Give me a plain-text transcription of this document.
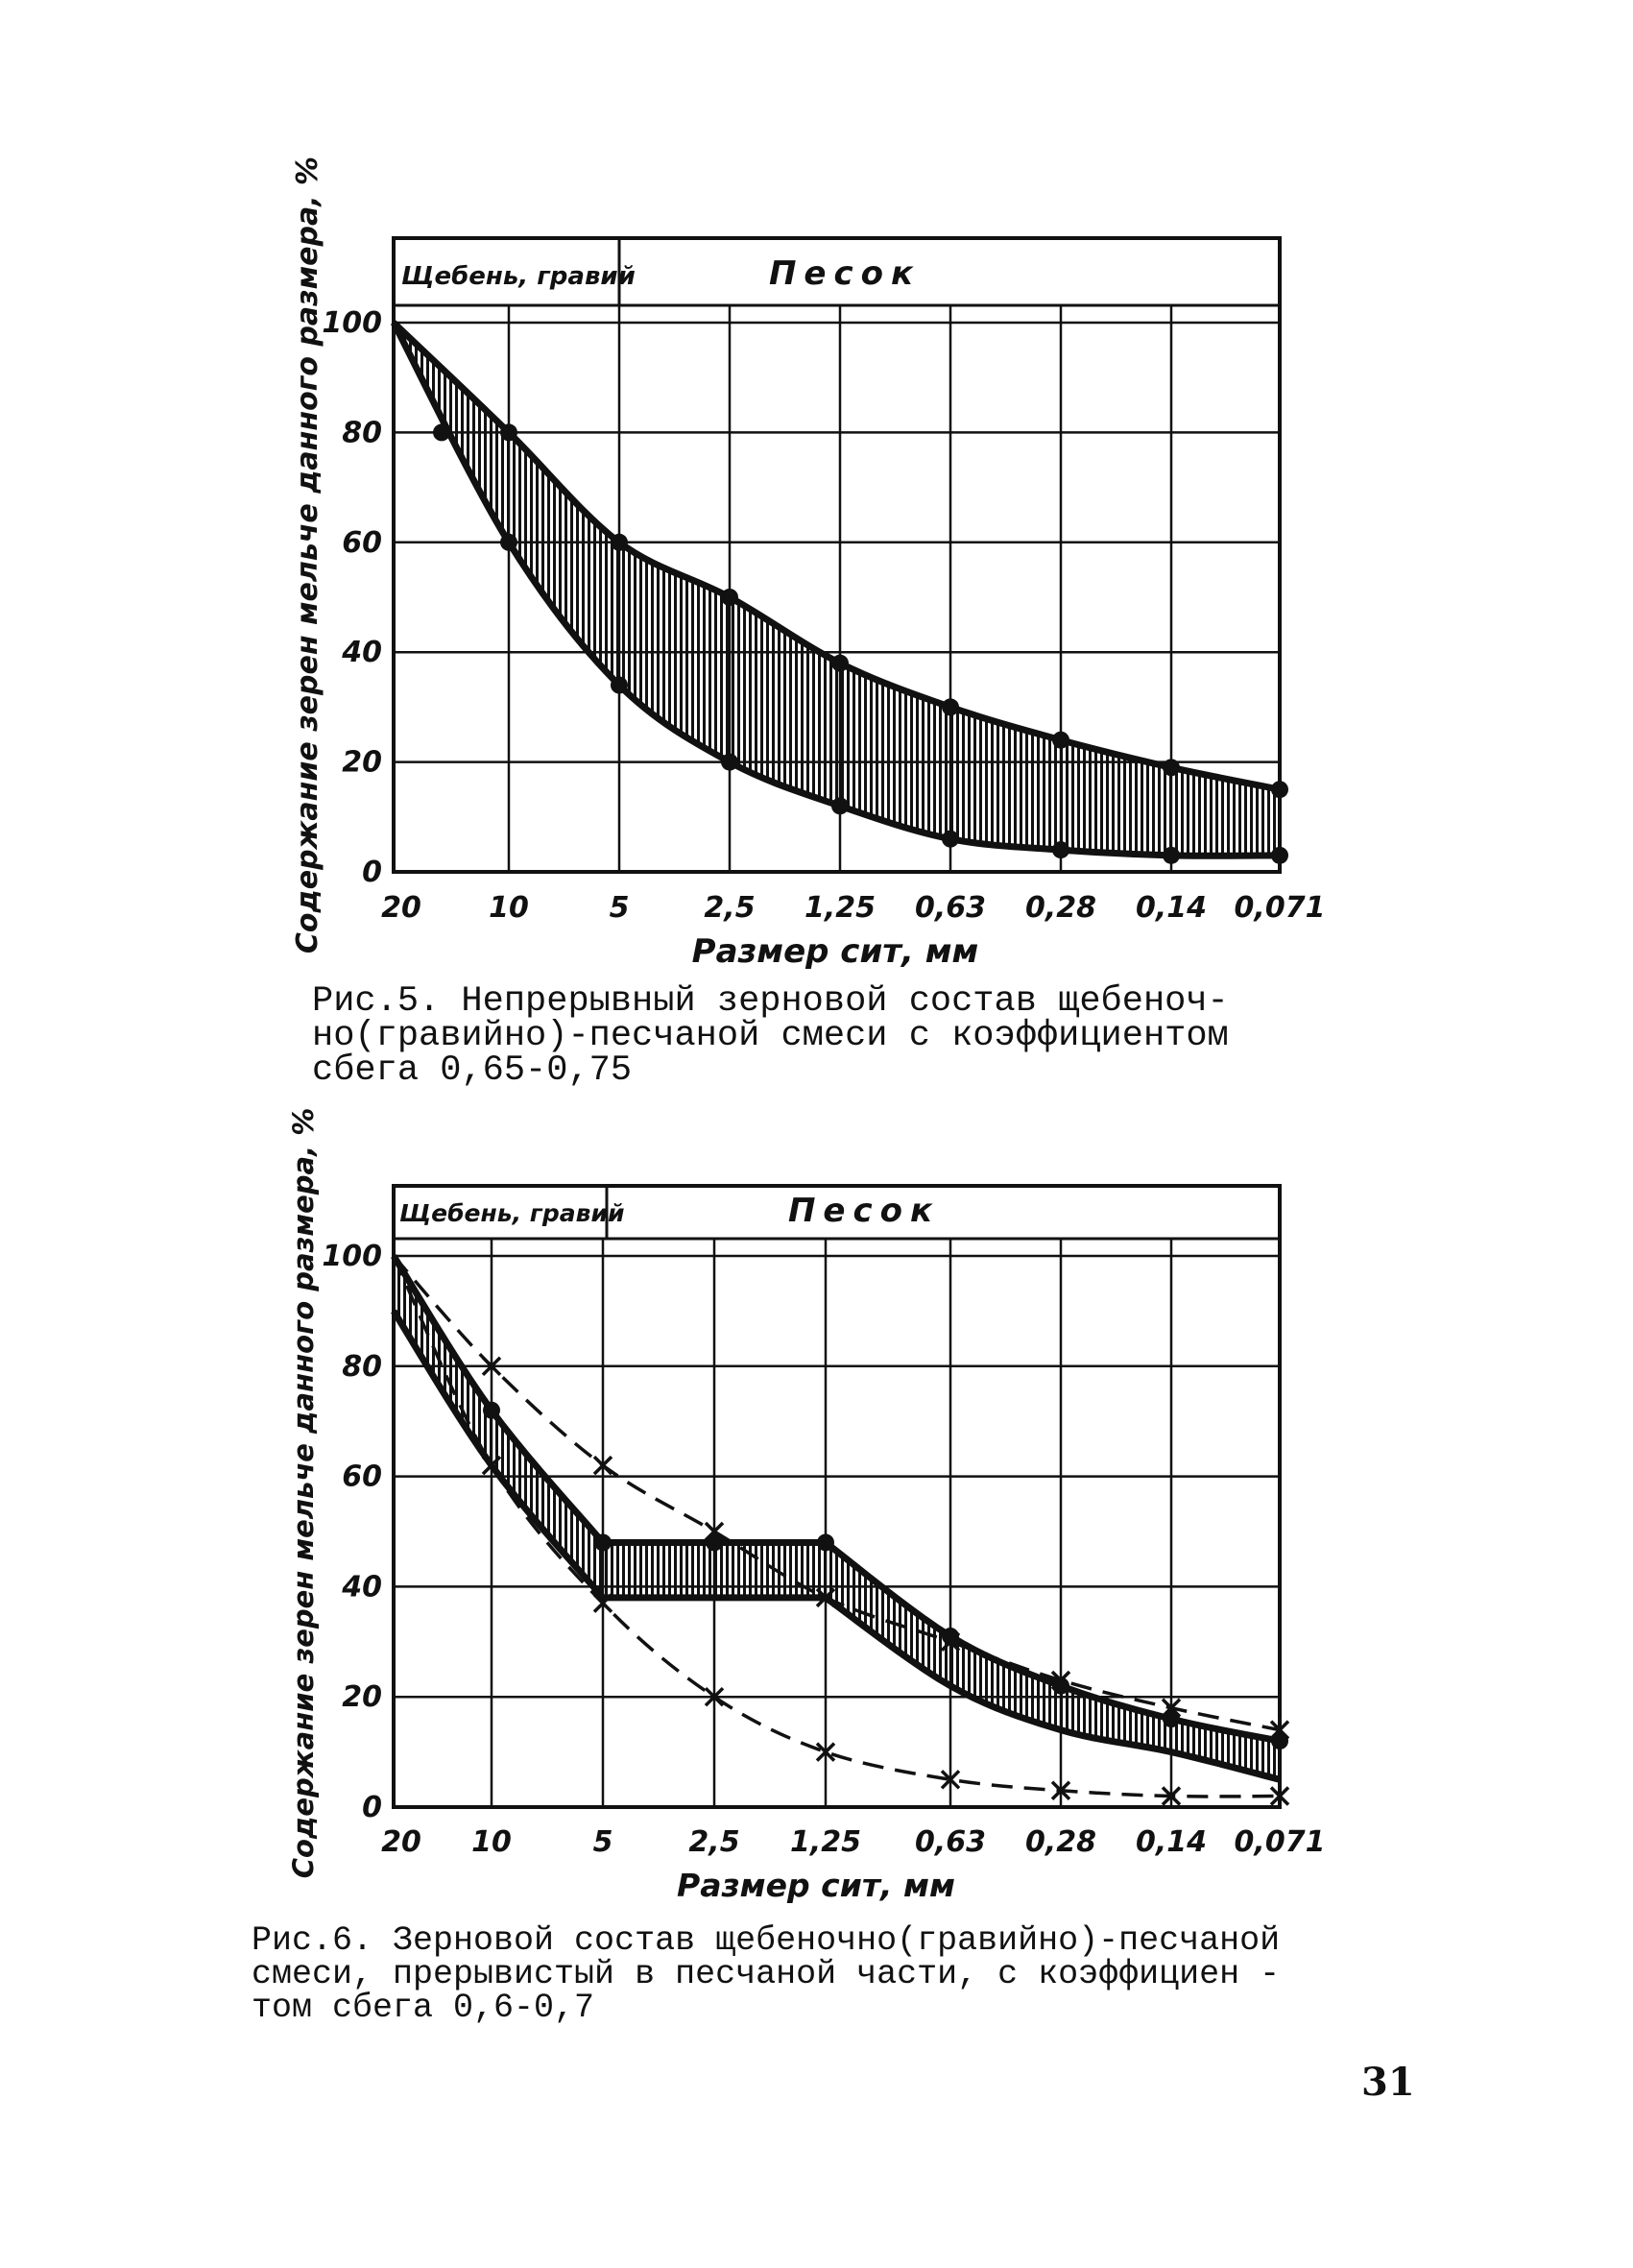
Щебень, гравий	Песок
0
20
40
60
80
100
20 10	5	2,5 1,25 0,63 0,28 0,14 0,071
Размер сит, мм
Содержание зерен мельче данного размера, %
Рис.5. Непрерывный зерновой состав щебеноч-
но(гравийно)-песчаной смеси с коэффициентом
сбега 0,65-0,75
Щебень, гравий	Песок
0
20
40
60
80
100
20 10	5	2,5 1,25 0,63 0,28 0,14 0,071
Размер сит, мм
Содержание зерен мельче данного размера, %
Рис.6. Зерновой состав щебеночно(гравийно)-песчаной
смеси, прерывистый в песчаной части, с коэффициен -
том сбега 0,6-0,7
31
